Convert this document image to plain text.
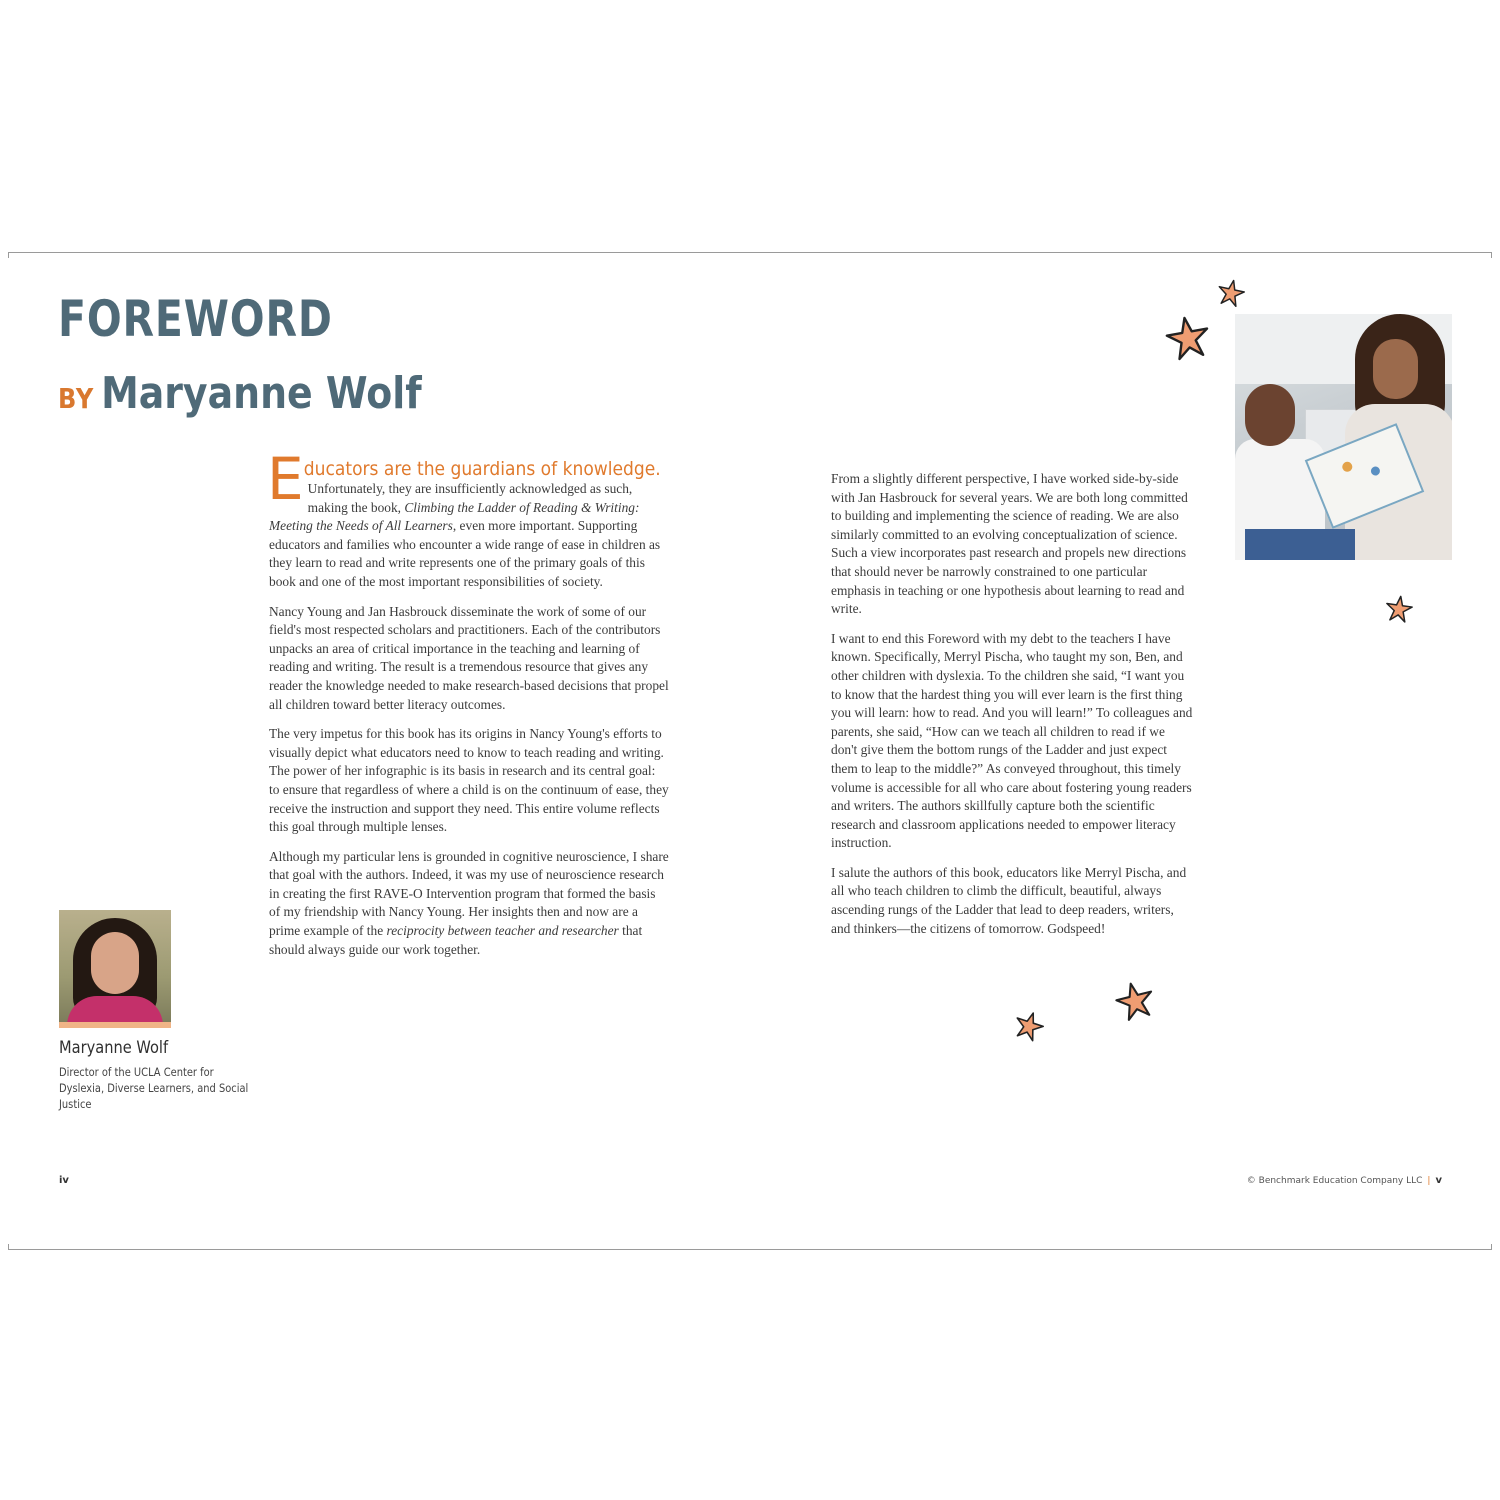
FOREWORD
BY Maryanne Wolf
E ducators are the guardians of knowledge.

Unfortunately, they are insufficiently acknowledged as such, making the book, Climbing the Ladder of Reading & Writing: Meeting the Needs of All Learners, even more important. Supporting educators and families who encounter a wide range of ease in children as they learn to read and write represents one of the primary goals of this book and one of the most important responsibilities of society.

Nancy Young and Jan Hasbrouck disseminate the work of some of our field's most respected scholars and practitioners. Each of the contributors unpacks an area of critical importance in the teaching and learning of reading and writing. The result is a tremendous resource that gives any reader the knowledge needed to make research-based decisions that propel all children toward better literacy outcomes.

The very impetus for this book has its origins in Nancy Young's efforts to visually depict what educators need to know to teach reading and writing. The power of her infographic is its basis in research and its central goal: to ensure that regardless of where a child is on the continuum of ease, they receive the instruction and support they need. This entire volume reflects this goal through multiple lenses.

Although my particular lens is grounded in cognitive neuroscience, I share that goal with the authors. Indeed, it was my use of neuroscience research in creating the first RAVE-O Intervention program that formed the basis of my friendship with Nancy Young. Her insights then and now are a prime example of the reciprocity between teacher and researcher that should always guide our work together.

From a slightly different perspective, I have worked side-by-side with Jan Hasbrouck for several years. We are both long committed to building and implementing the science of reading. We are also similarly committed to an evolving conceptualization of science. Such a view incorporates past research and propels new directions that should never be narrowly constrained to one particular emphasis in teaching or one hypothesis about learning to read and write.

I want to end this Foreword with my debt to the teachers I have known. Specifically, Merryl Pischa, who taught my son, Ben, and other children with dyslexia. To the children she said, “I want you to know that the hardest thing you will ever learn is the first thing you will learn: how to read. And you will learn!” To colleagues and parents, she said, “How can we teach all children to read if we don't give them the bottom rungs of the Ladder and just expect them to leap to the middle?” As conveyed throughout, this timely volume is accessible for all who care about fostering young readers and writers. The authors skillfully capture both the scientific research and classroom applications needed to empower literacy instruction.

I salute the authors of this book, educators like Merryl Pischa, and all who teach children to climb the difficult, beautiful, always ascending rungs of the Ladder that lead to deep readers, writers, and thinkers—the citizens of tomorrow. Godspeed!

Maryanne Wolf

Director of the UCLA Center for Dyslexia, Diverse Learners, and Social Justice

iv	© Benchmark Education Company LLC | v
